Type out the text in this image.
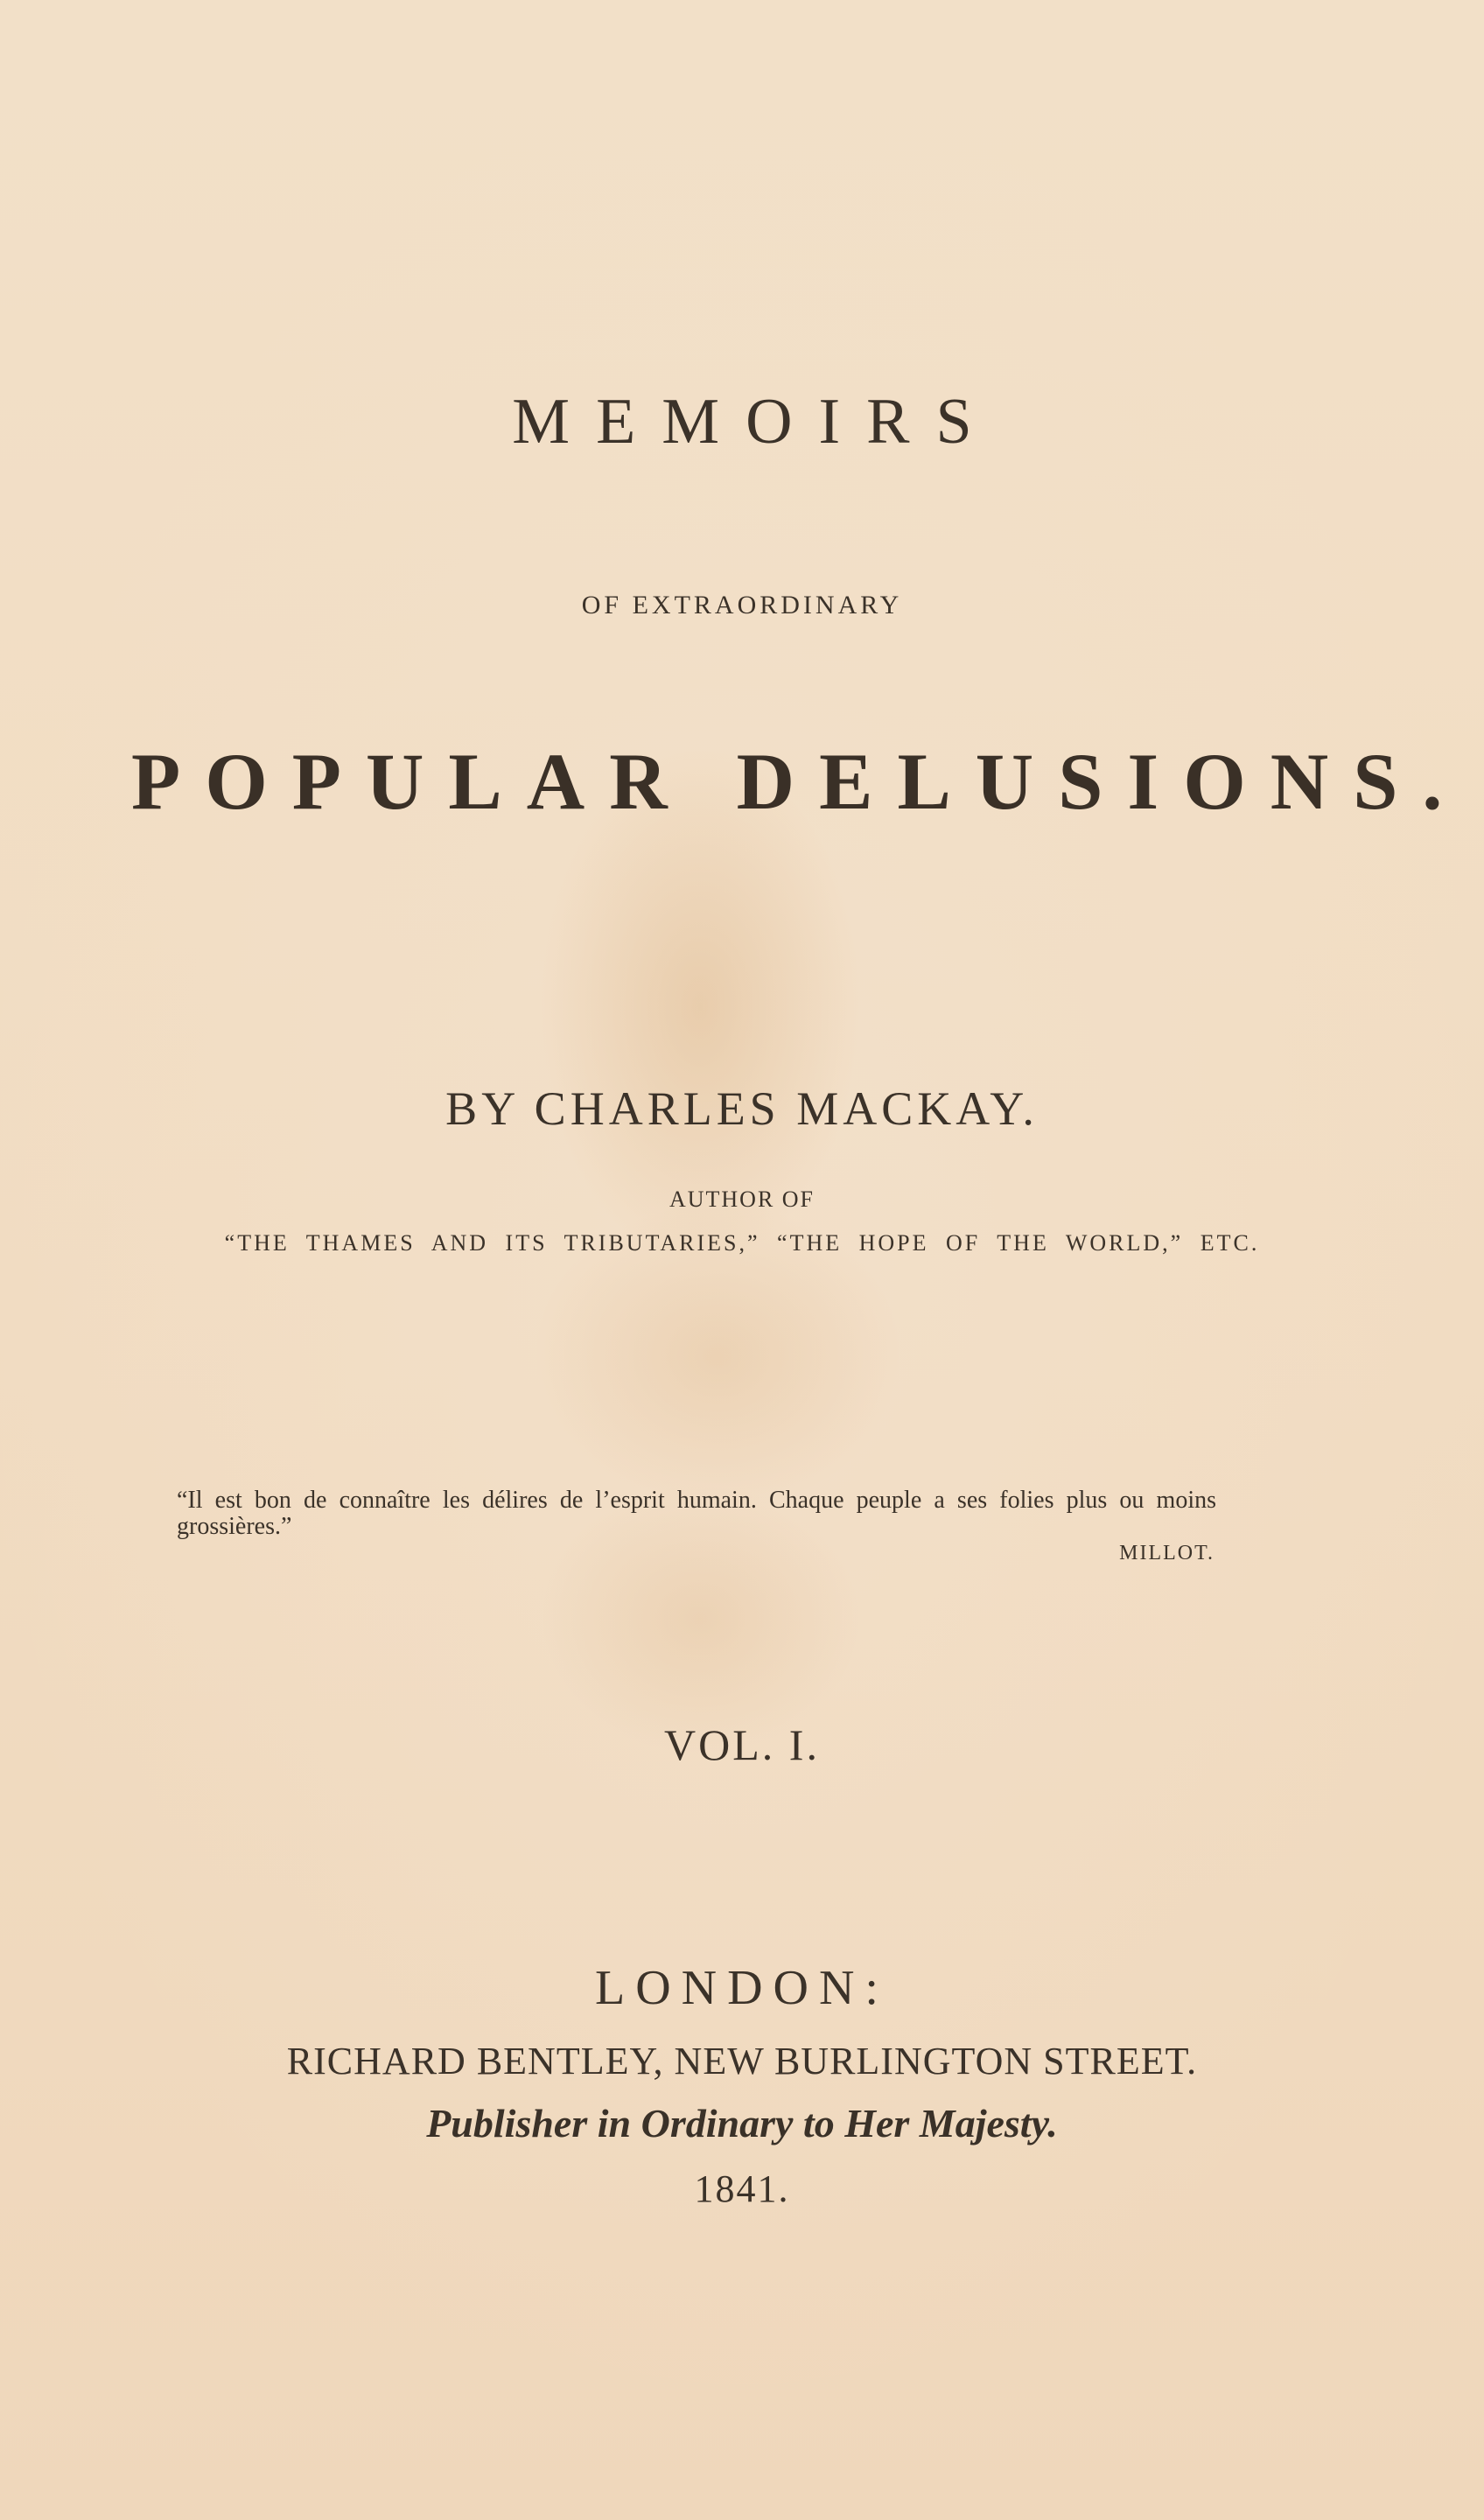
MEMOIRS
OF EXTRAORDINARY
POPULAR DELUSIONS.
BY CHARLES MACKAY.
AUTHOR OF
“THE THAMES AND ITS TRIBUTARIES,” “THE HOPE OF THE WORLD,” ETC.
“Il est bon de connaître les délires de l’esprit humain. Chaque peuple a ses folies plus ou moins grossières.”
MILLOT.
VOL. I.
LONDON:
RICHARD BENTLEY, NEW BURLINGTON STREET.
Publisher in Ordinary to Her Majesty.
1841.
